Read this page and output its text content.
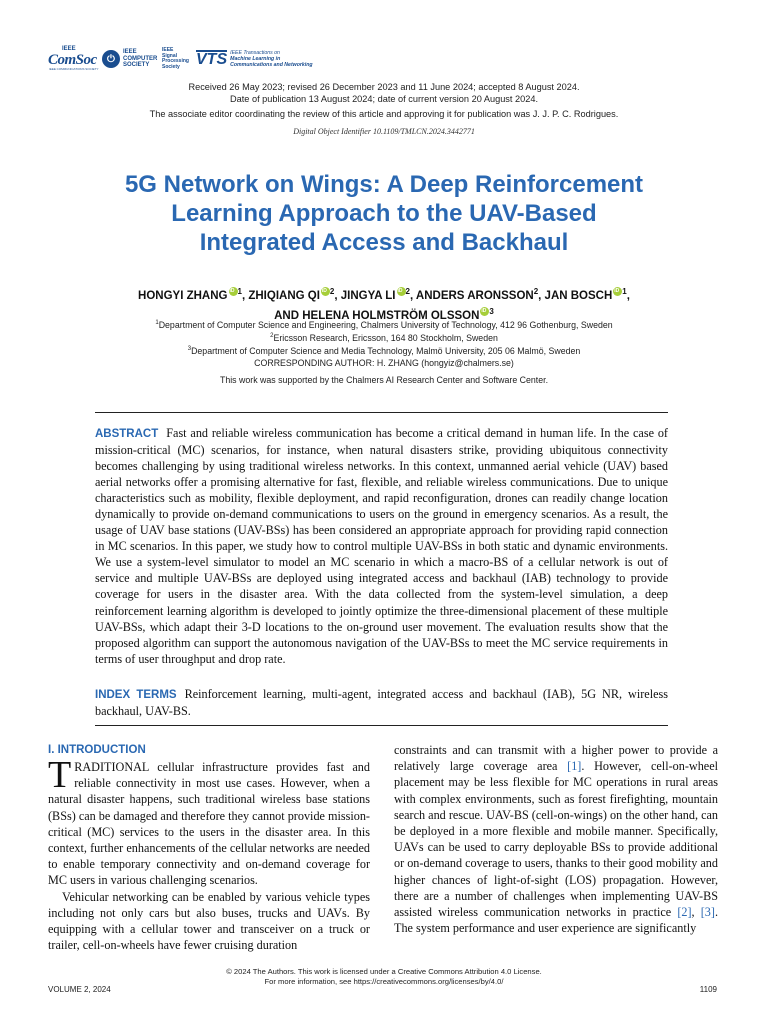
IEEE
ComSoc
IEEE COMMUNICATIONS SOCIETY
⏻
IEEE
COMPUTER
SOCIETY
IEEE
Signal
Processing
Society	VTS IEEE Transactions on
Machine Learning in
Communications and Networking
Received 26 May 2023; revised 26 December 2023 and 11 June 2024; accepted 8 August 2024.
Date of publication 13 August 2024; date of current version 20 August 2024.
The associate editor coordinating the review of this article and approving it for publication was J. J. P. C. Rodrigues.
Digital Object Identifier 10.1109/TMLCN.2024.3442771
5G Network on Wings: A Deep Reinforcement
Learning Approach to the UAV-Based
Integrated Access and Backhaul
HONGYI ZHANG iD $^1$, ZHIQIANG QI iD $^2$, JINGYA LI iD $^2$, ANDERS ARONSSON$^2$, JAN BOSCH iD $^1$,
AND HELENA HOLMSTRÖM OLSSON iD $^3$
$^1$Department of Computer Science and Engineering, Chalmers University of Technology, 412 96 Gothenburg, Sweden
$^2$Ericsson Research, Ericsson, 164 80 Stockholm, Sweden
$^3$Department of Computer Science and Media Technology, Malmö University, 205 06 Malmö, Sweden
CORRESPONDING AUTHOR: H. ZHANG (hongyiz@chalmers.se)
This work was supported by the Chalmers AI Research Center and Software Center.
ABSTRACT Fast and reliable wireless communication has become a critical demand in human life. In the case of mission-critical (MC) scenarios, for instance, when natural disasters strike, providing ubiquitous connectivity becomes challenging by using traditional wireless networks. In this context, unmanned aerial vehicle (UAV) based aerial networks offer a promising alternative for fast, flexible, and reliable wireless communications. Due to unique characteristics such as mobility, flexible deployment, and rapid reconfiguration, drones can readily change location dynamically to provide on-demand communications to users on the ground in emergency scenarios. As a result, the usage of UAV base stations (UAV-BSs) has been considered an appropriate approach for providing rapid connection in MC scenarios. In this paper, we study how to control multiple UAV-BSs in both static and dynamic environments. We use a system-level simulator to model an MC scenario in which a macro-BS of a cellular network is out of service and multiple UAV-BSs are deployed using integrated access and backhaul (IAB) technology to provide coverage for users in the disaster area. With the data collected from the system-level simulation, a deep reinforcement learning algorithm is developed to jointly optimize the three-dimensional placement of these multiple UAV-BSs, which adapt their 3-D locations to the on-ground user movement. The evaluation results show that the proposed algorithm can support the autonomous navigation of the UAV-BSs to meet the MC service requirements in terms of user throughput and drop rate.
INDEX TERMS Reinforcement learning, multi-agent, integrated access and backhaul (IAB), 5G NR, wireless backhaul, UAV-BS.
I. INTRODUCTION

TRADITIONAL cellular infrastructure provides fast and reliable connectivity in most use cases. However, when a natural disaster happens, such traditional wireless base stations (BSs) can be damaged and therefore they cannot provide mission-critical (MC) services to the users in the disaster area. In this context, further enhancements of the cellular networks are needed to enable temporary connectivity and on-demand coverage for MC users in various challenging scenarios.

Vehicular networking can be enabled by various vehicle types including not only cars but also buses, trucks and UAVs. By equipping with a cellular tower and transceiver on a truck or trailer, cell-on-wheels have fewer cruising duration

constraints and can transmit with a higher power to provide a relatively large coverage area [1]. However, cell-on-wheel placement may be less flexible for MC operations in rural areas with complex environments, such as forest firefighting, mountain search and rescue. UAV-BS (cell-on-wings) on the other hand, can be deployed in a more flexible and mobile manner. Specifically, UAVs can be used to carry deployable BSs to provide additional or on-demand coverage to users, thanks to their good mobility and higher chances of light-of-sight (LOS) propagation. However, there are a number of challenges when implementing UAV-BS assisted wireless communication networks in practice [2], [3]. The system performance and user experience are significantly

© 2024 The Authors. This work is licensed under a Creative Commons Attribution 4.0 License.
For more information, see https://creativecommons.org/licenses/by/4.0/
VOLUME 2, 2024	1109
